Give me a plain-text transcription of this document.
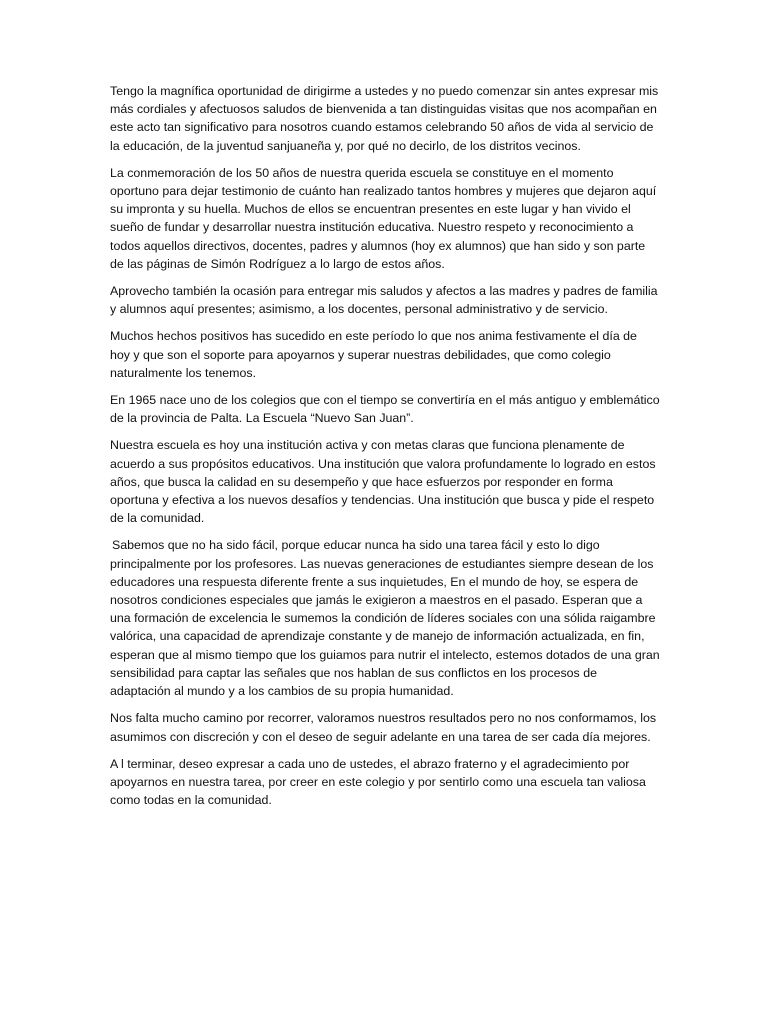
Tengo la magnífica oportunidad de dirigirme a ustedes y no puedo comenzar sin antes expresar mis más cordiales y afectuosos saludos de bienvenida a tan distinguidas visitas que nos acompañan en este acto tan significativo para nosotros cuando estamos celebrando 50 años de vida al servicio de la educación, de la juventud sanjuaneña y, por qué no decirlo, de los distritos vecinos.

La conmemoración de los 50 años de nuestra querida escuela se constituye en el momento oportuno para dejar testimonio de cuánto han realizado tantos hombres y mujeres que dejaron aquí su impronta y su huella. Muchos de ellos se encuentran presentes en este lugar y han vivido el sueño de fundar y desarrollar nuestra institución educativa. Nuestro respeto y reconocimiento a todos aquellos directivos, docentes, padres y alumnos (hoy ex alumnos) que han sido y son parte de las páginas de Simón Rodríguez a lo largo de estos años.

Aprovecho también la ocasión para entregar mis saludos y afectos a las madres y padres de familia y alumnos aquí presentes; asimismo, a los docentes, personal administrativo y de servicio.

Muchos hechos positivos has sucedido en este período lo que nos anima festivamente el día de hoy y que son el soporte para apoyarnos y superar nuestras debilidades, que como colegio naturalmente los tenemos.

En 1965 nace uno de los colegios que con el tiempo se convertiría en el más antiguo y emblemático de la provincia de Palta. La Escuela “Nuevo San Juan”.

Nuestra escuela es hoy una institución activa y con metas claras que funciona plenamente de acuerdo a sus propósitos educativos. Una institución que valora profundamente lo logrado en estos años, que busca la calidad en su desempeño y que hace esfuerzos por responder en forma oportuna y efectiva a los nuevos desafíos y tendencias. Una institución que busca y pide el respeto de la comunidad.

Sabemos que no ha sido fácil, porque educar nunca ha sido una tarea fácil y esto lo digo principalmente por los profesores. Las nuevas generaciones de estudiantes siempre desean de los educadores una respuesta diferente frente a sus inquietudes, En el mundo de hoy, se espera de nosotros condiciones especiales que jamás le exigieron a maestros en el pasado. Esperan que a una formación de excelencia le sumemos la condición de líderes sociales con una sólida raigambre valórica, una capacidad de aprendizaje constante y de manejo de información actualizada, en fin, esperan que al mismo tiempo que los guiamos para nutrir el intelecto, estemos dotados de una gran sensibilidad para captar las señales que nos hablan de sus conflictos en los procesos de adaptación al mundo y a los cambios de su propia humanidad.

Nos falta mucho camino por recorrer, valoramos nuestros resultados pero no nos conformamos, los asumimos con discreción y con el deseo de seguir adelante en una tarea de ser cada día mejores.

A l terminar, deseo expresar a cada uno de ustedes, el abrazo fraterno y el agradecimiento por apoyarnos en nuestra tarea, por creer en este colegio y por sentirlo como una escuela tan valiosa como todas en la comunidad.
